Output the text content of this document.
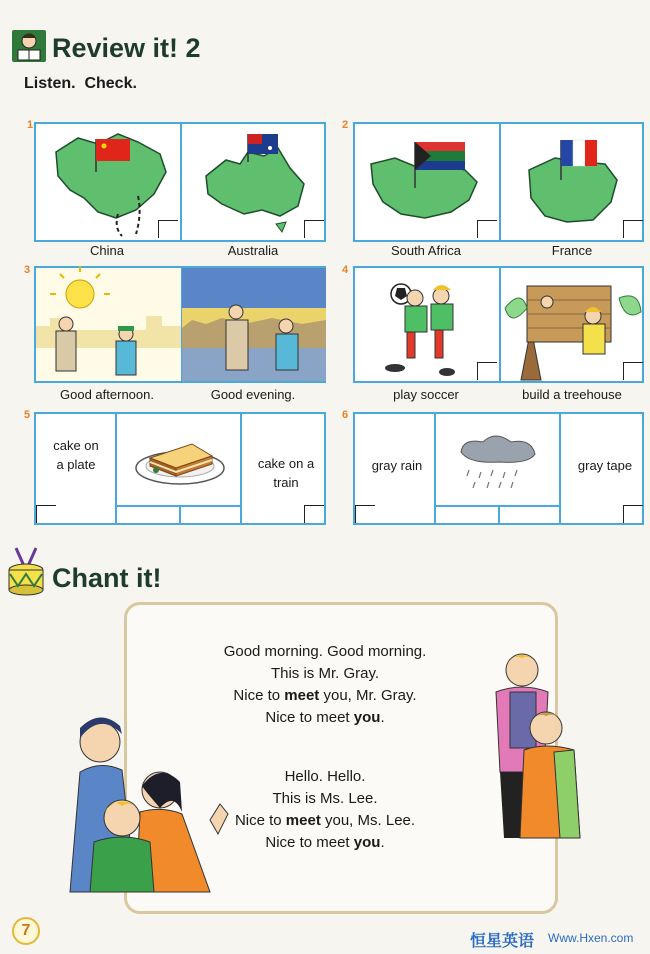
Review it! 2
Listen.  Check.
1
China	Australia
2
South Africa	France
3
Good afternoon.	Good evening.
4
play soccer	build a treehouse
5
cake on a plate	cake on a train
6
gray rain	gray tape
Chant it!
Good morning. Good morning.
This is Mr. Gray.
Nice to meet you, Mr. Gray.
Nice to meet you.
Hello. Hello.
This is Ms. Lee.
Nice to meet you, Ms. Lee.
Nice to meet you.
7
恒星英语 Www.Hxen.com
